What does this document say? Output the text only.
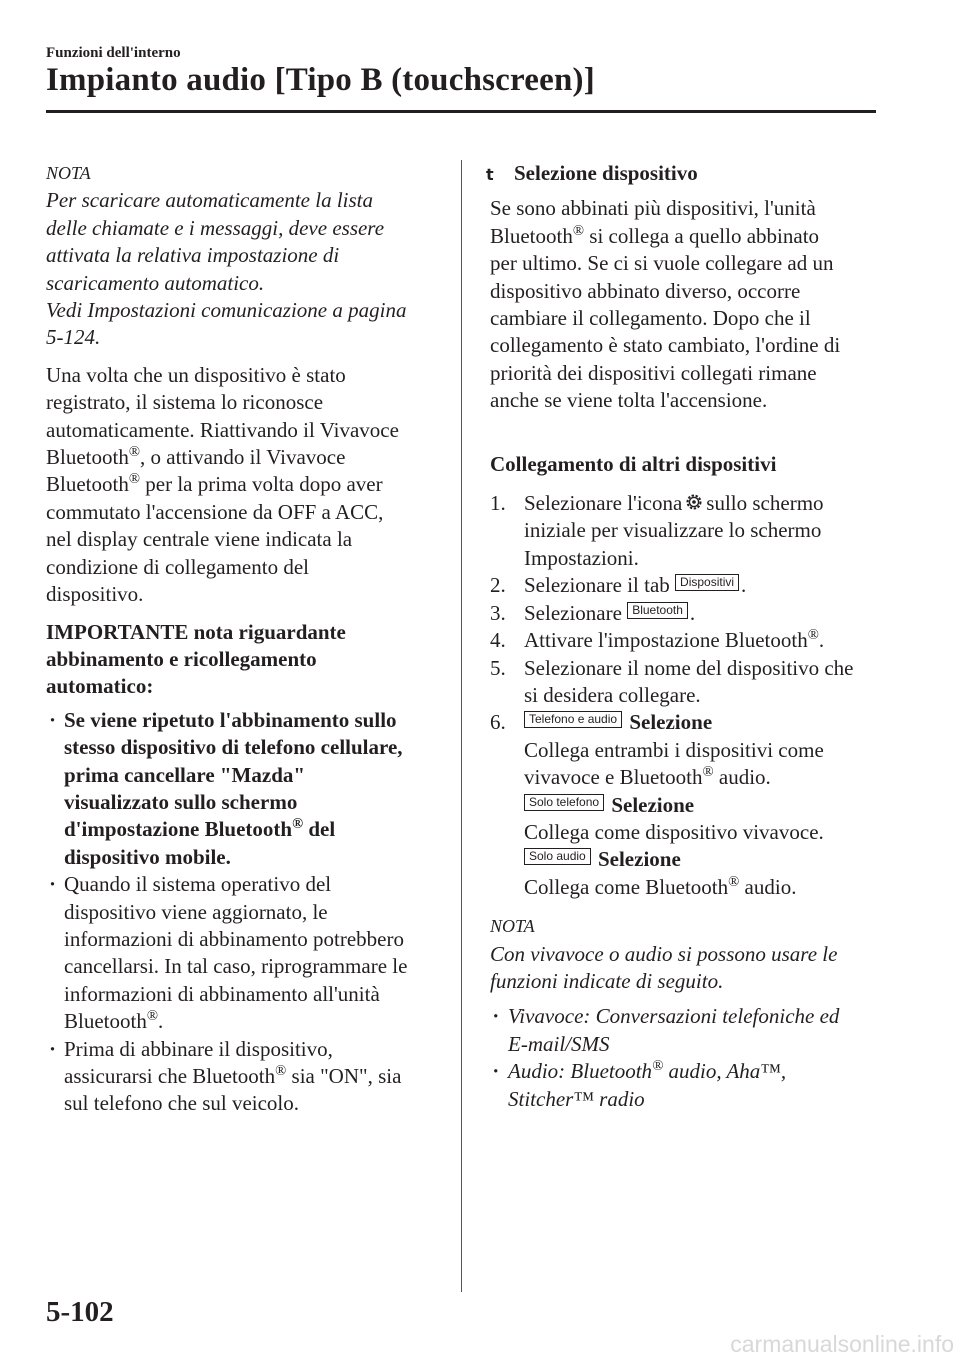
Funzioni dell'interno
Impianto audio [Tipo B (touchscreen)]
NOTA
Per scaricare automaticamente la lista
delle chiamate e i messaggi, deve essere
attivata la relativa impostazione di
scaricamento automatico.
Vedi Impostazioni comunicazione a pagina
5-124.
Una volta che un dispositivo è stato
registrato, il sistema lo riconosce
automaticamente. Riattivando il Vivavoce
Bluetooth®, o attivando il Vivavoce
Bluetooth® per la prima volta dopo aver
commutato l'accensione da OFF a ACC,
nel display centrale viene indicata la
condizione di collegamento del
dispositivo.
IMPORTANTE nota riguardante
abbinamento e ricollegamento
automatico:
· Se viene ripetuto l'abbinamento sullo
stesso dispositivo di telefono cellulare,
prima cancellare "Mazda"
visualizzato sullo schermo
d'impostazione Bluetooth® del
dispositivo mobile.
· Quando il sistema operativo del
dispositivo viene aggiornato, le
informazioni di abbinamento potrebbero
cancellarsi. In tal caso, riprogrammare le
informazioni di abbinamento all'unità
Bluetooth®.
· Prima di abbinare il dispositivo,
assicurarsi che Bluetooth® sia "ON", sia
sul telefono che sul veicolo.
t Selezione dispositivo
Se sono abbinati più dispositivi, l'unità
Bluetooth® si collega a quello abbinato
per ultimo. Se ci si vuole collegare ad un
dispositivo abbinato diverso, occorre
cambiare il collegamento. Dopo che il
collegamento è stato cambiato, l'ordine di
priorità dei dispositivi collegati rimane
anche se viene tolta l'accensione.
Collegamento di altri dispositivi
1. Selezionare l'icona sullo schermo
iniziale per visualizzare lo schermo
Impostazioni.
2. Selezionare il tab Dispositivi .
3. Selezionare Bluetooth .
4. Attivare l'impostazione Bluetooth®.
5. Selezionare il nome del dispositivo che
si desidera collegare.
6.	Telefono e audio Selezione
Collega entrambi i dispositivi come
vivavoce e Bluetooth® audio.
Solo telefono Selezione
Collega come dispositivo vivavoce.
Solo audio Selezione
Collega come Bluetooth® audio.
NOTA
Con vivavoce o audio si possono usare le
funzioni indicate di seguito.
· Vivavoce: Conversazioni telefoniche ed
E-mail/SMS
· Audio: Bluetooth® audio, Aha™,
Stitcher™ radio
5-102
carmanualsonline.info
